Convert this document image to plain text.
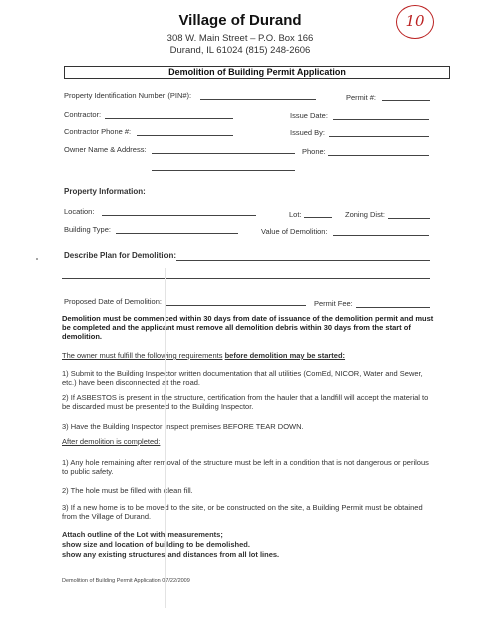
Village of Durand
308 W. Main Street – P.O. Box 166
Durand, IL 61024 (815) 248-2606
10
Demolition of Building Permit Application
Property Identification Number (PIN#):	Permit #:
Contractor:	Issue Date:
Contractor Phone #:	Issued By:
Owner Name & Address:	Phone:
Property Information:
Location:	Lot:	Zoning Dist:
Building Type:	Value of Demolition:
Describe Plan for Demolition:
Proposed Date of Demolition:	Permit Fee:
Demolition must be commenced within 30 days from date of issuance of the demolition permit and must be completed and the applicant must remove all demolition debris within 30 days from the start of demolition.
The owner must fulfill the following requirements before demolition may be started:
1) Submit to the Building Inspector written documentation that all utilities (ComEd, NICOR, Water and Sewer, etc.) have been disconnected at the road.
2) If ASBESTOS is present in the structure, certification from the hauler that a landfill will accept the material to be discarded must be presented to the Building Inspector.
3) Have the Building Inspector inspect premises BEFORE TEAR DOWN.
After demolition is completed:
1) Any hole remaining after removal of the structure must be left in a condition that is not dangerous or perilous to public safety.
2) The hole must be filled with clean fill.
3) If a new home is to be moved to the site, or be constructed on the site, a Building Permit must be obtained from the Village of Durand.
Attach outline of the Lot with measurements;
show size and location of building to be demolished.
show any existing structures and distances from all lot lines.
Demolition of Building Permit Application 07/22/2009
